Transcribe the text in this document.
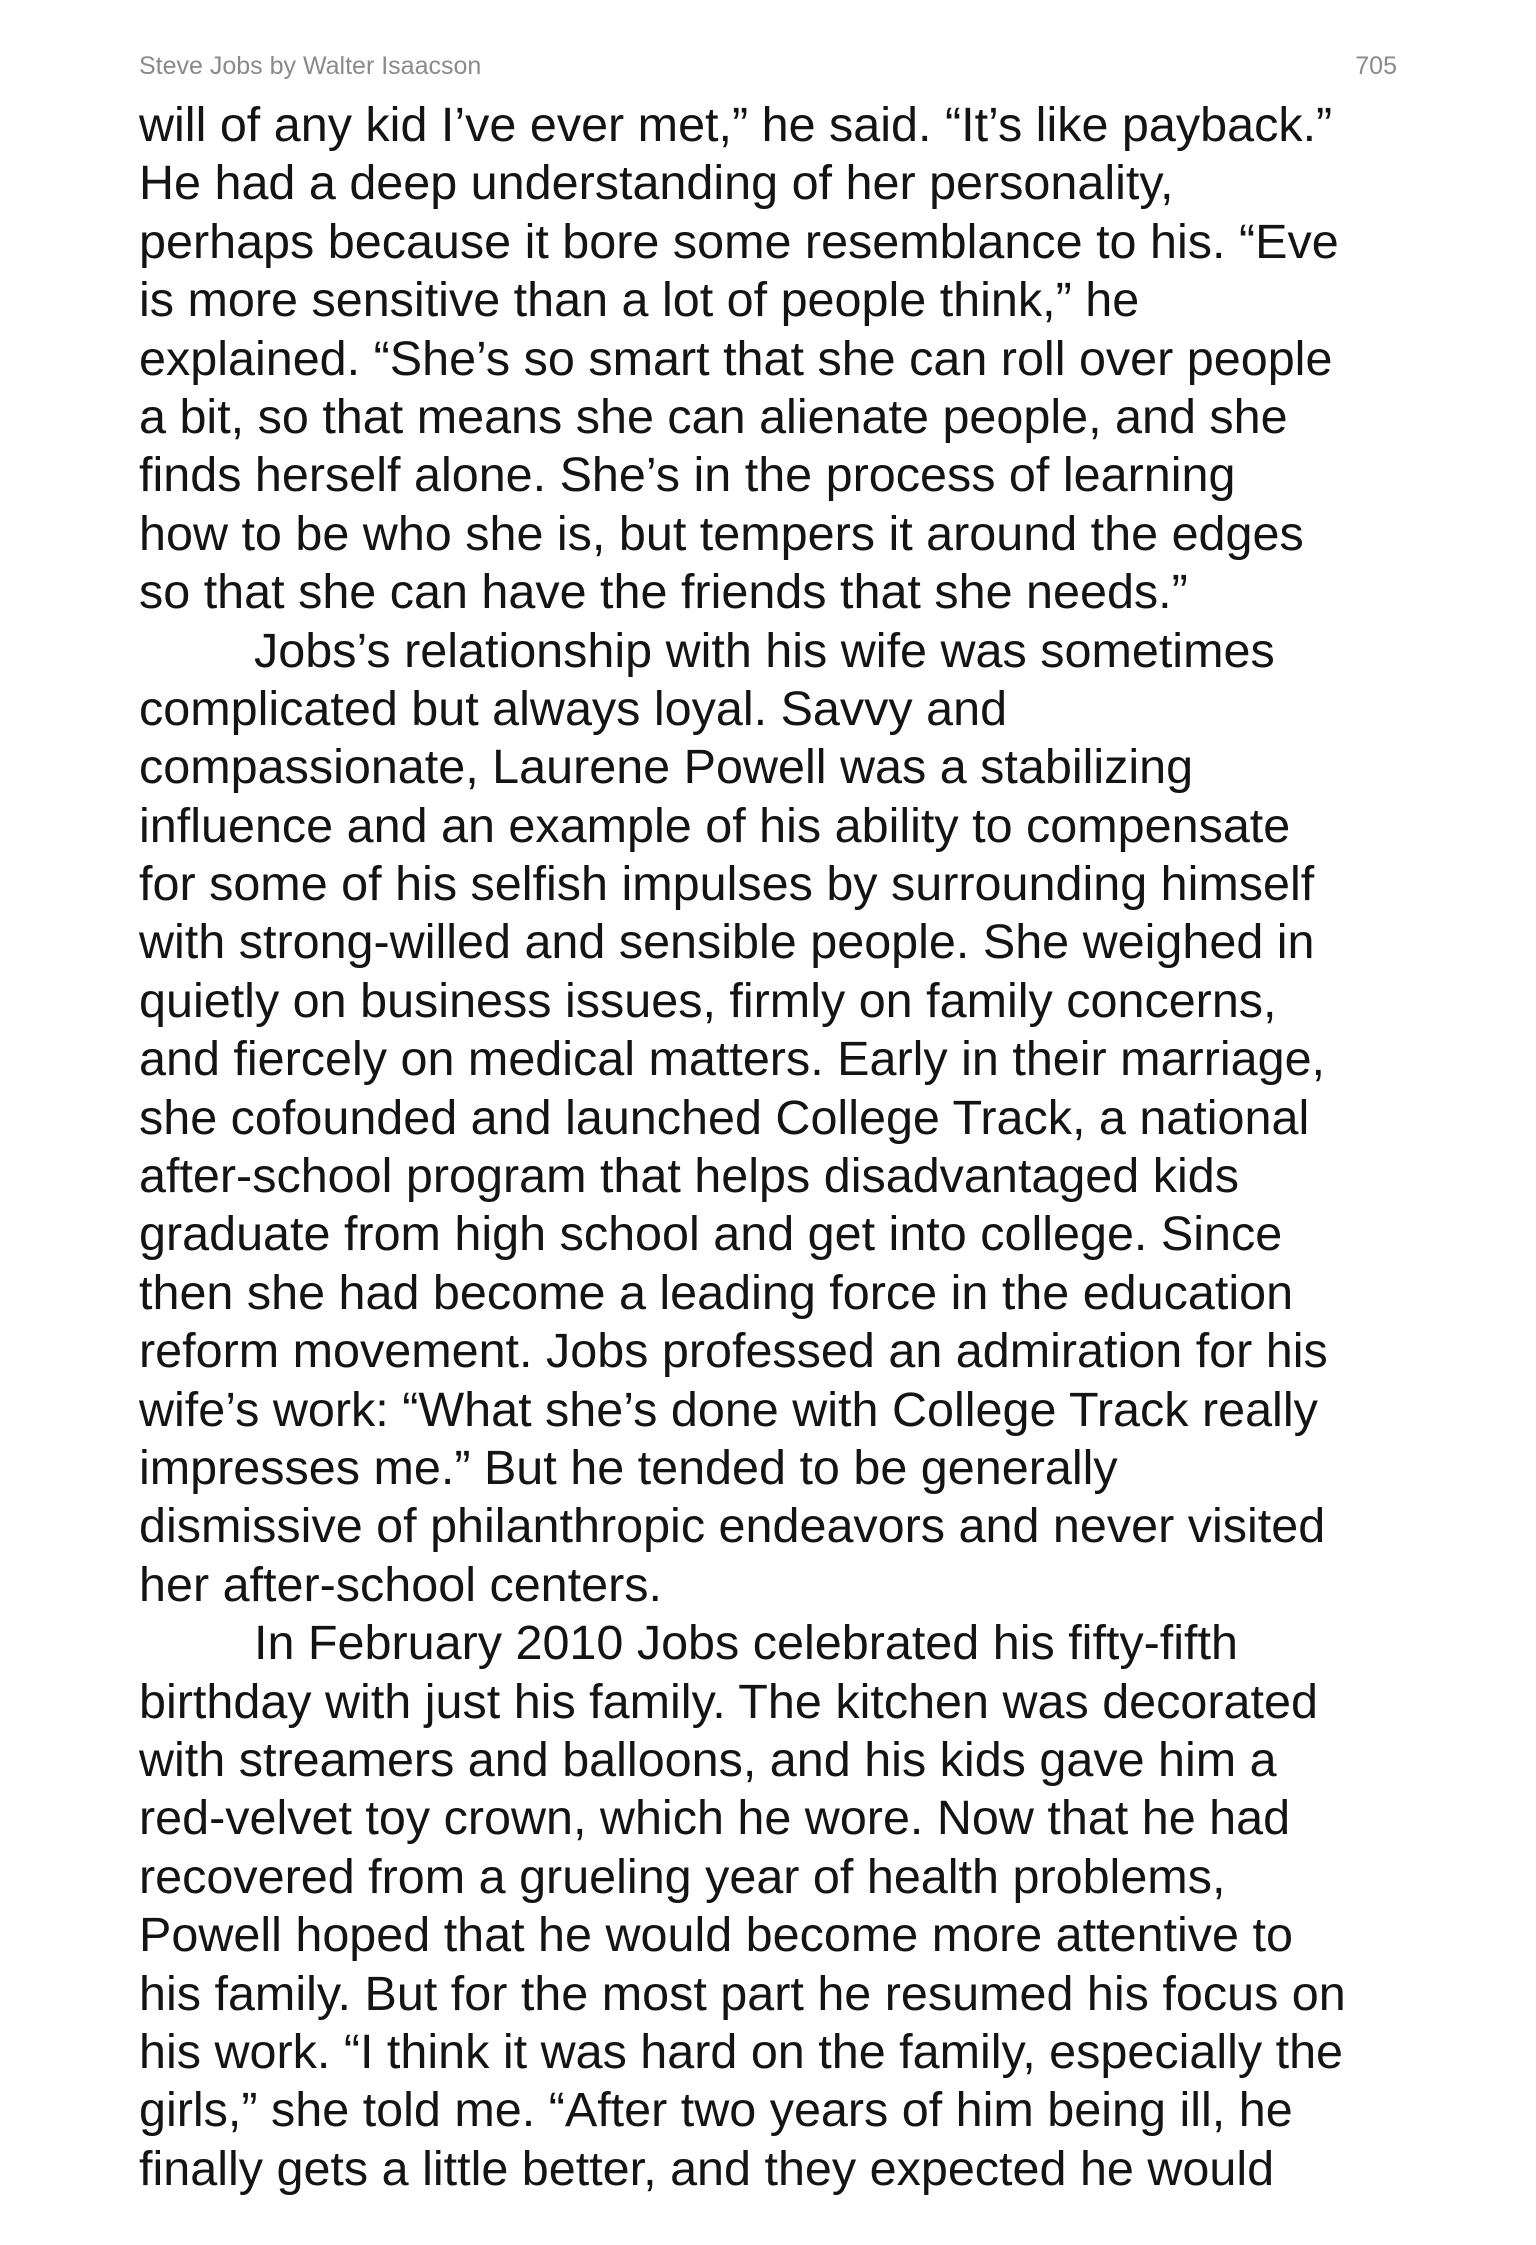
Steve Jobs by Walter Isaacson	705
will of any kid I’ve ever met,” he said. “It’s like payback.”
He had a deep understanding of her personality,
perhaps because it bore some resemblance to his. “Eve
is more sensitive than a lot of people think,” he
explained. “She’s so smart that she can roll over people
a bit, so that means she can alienate people, and she
finds herself alone. She’s in the process of learning
how to be who she is, but tempers it around the edges
so that she can have the friends that she needs.”
Jobs’s relationship with his wife was sometimes
complicated but always loyal. Savvy and
compassionate, Laurene Powell was a stabilizing
influence and an example of his ability to compensate
for some of his selfish impulses by surrounding himself
with strong-willed and sensible people. She weighed in
quietly on business issues, firmly on family concerns,
and fiercely on medical matters. Early in their marriage,
she cofounded and launched College Track, a national
after-school program that helps disadvantaged kids
graduate from high school and get into college. Since
then she had become a leading force in the education
reform movement. Jobs professed an admiration for his
wife’s work: “What she’s done with College Track really
impresses me.” But he tended to be generally
dismissive of philanthropic endeavors and never visited
her after-school centers.
In February 2010 Jobs celebrated his fifty-fifth
birthday with just his family. The kitchen was decorated
with streamers and balloons, and his kids gave him a
red-velvet toy crown, which he wore. Now that he had
recovered from a grueling year of health problems,
Powell hoped that he would become more attentive to
his family. But for the most part he resumed his focus on
his work. “I think it was hard on the family, especially the
girls,” she told me. “After two years of him being ill, he
finally gets a little better, and they expected he would
